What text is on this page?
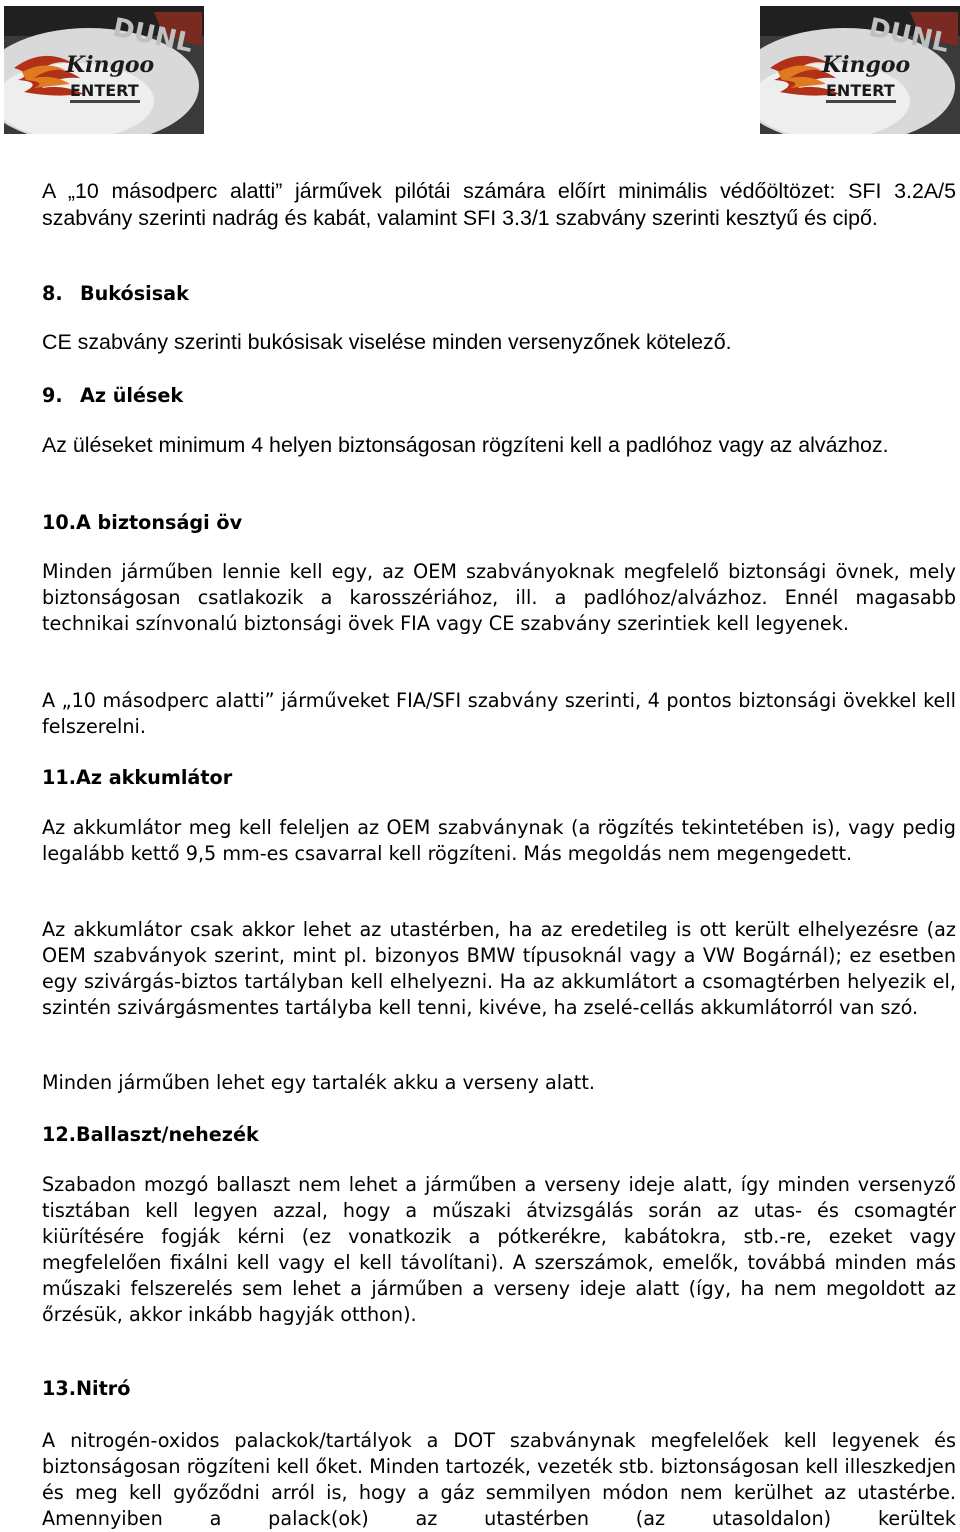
DUNL
Kingoo
ENTERT
DUNL
Kingoo
ENTERT

A „10 másodperc alatti” járművek pilótái számára előírt minimális védőöltözet: SFI 3.2A/5 szabvány szerinti nadrág és kabát, valamint SFI 3.3/1 szabvány szerinti kesztyű és cipő.

8. Bukósisak

CE szabvány szerinti bukósisak viselése minden versenyzőnek kötelező.

9. Az ülések

Az üléseket minimum 4 helyen biztonságosan rögzíteni kell a padlóhoz vagy az alvázhoz.

10.A biztonsági öv

Minden járműben lennie kell egy, az OEM szabványoknak megfelelő biztonsági övnek, mely biztonságosan csatlakozik a karosszériához, ill. a padlóhoz/alvázhoz. Ennél magasabb technikai színvonalú biztonsági övek FIA vagy CE szabvány szerintiek kell legyenek.

A „10 másodperc alatti” járműveket FIA/SFI szabvány szerinti, 4 pontos biztonsági övekkel kell felszerelni.

11.Az akkumlátor

Az akkumlátor meg kell feleljen az OEM szabványnak (a rögzítés tekintetében is), vagy pedig legalább kettő 9,5 mm-es csavarral kell rögzíteni. Más megoldás nem megengedett.

Az akkumlátor csak akkor lehet az utastérben, ha az eredetileg is ott került elhelyezésre (az OEM szabványok szerint, mint pl. bizonyos BMW típusoknál vagy a VW Bogárnál); ez esetben egy szivárgás-biztos tartályban kell elhelyezni. Ha az akkumlátort a csomagtérben helyezik el, szintén szivárgásmentes tartályba kell tenni, kivéve, ha zselé-cellás akkumlátorról van szó.

Minden járműben lehet egy tartalék akku a verseny alatt.

12.Ballaszt/nehezék

Szabadon mozgó ballaszt nem lehet a járműben a verseny ideje alatt, így minden versenyző tisztában kell legyen azzal, hogy a műszaki átvizsgálás során az utas- és csomagtér kiürítésére fogják kérni (ez vonatkozik a pótkerékre, kabátokra, stb.-re, ezeket vagy megfelelően fixálni kell vagy el kell távolítani). A szerszámok, emelők, továbbá minden más műszaki felszerelés sem lehet a járműben a verseny ideje alatt (így, ha nem megoldott az őrzésük, akkor inkább hagyják otthon).

13.Nitró

A nitrogén-oxidos palackok/tartályok a DOT szabványnak megfelelőek kell legyenek és biztonságosan rögzíteni kell őket. Minden tartozék, vezeték stb. biztonságosan kell illeszkedjen és meg kell győződni arról is, hogy a gáz semmilyen módon nem kerülhet az utastérbe. Amennyiben a palack(ok) az utastérben (az utasoldalon) kerültek
